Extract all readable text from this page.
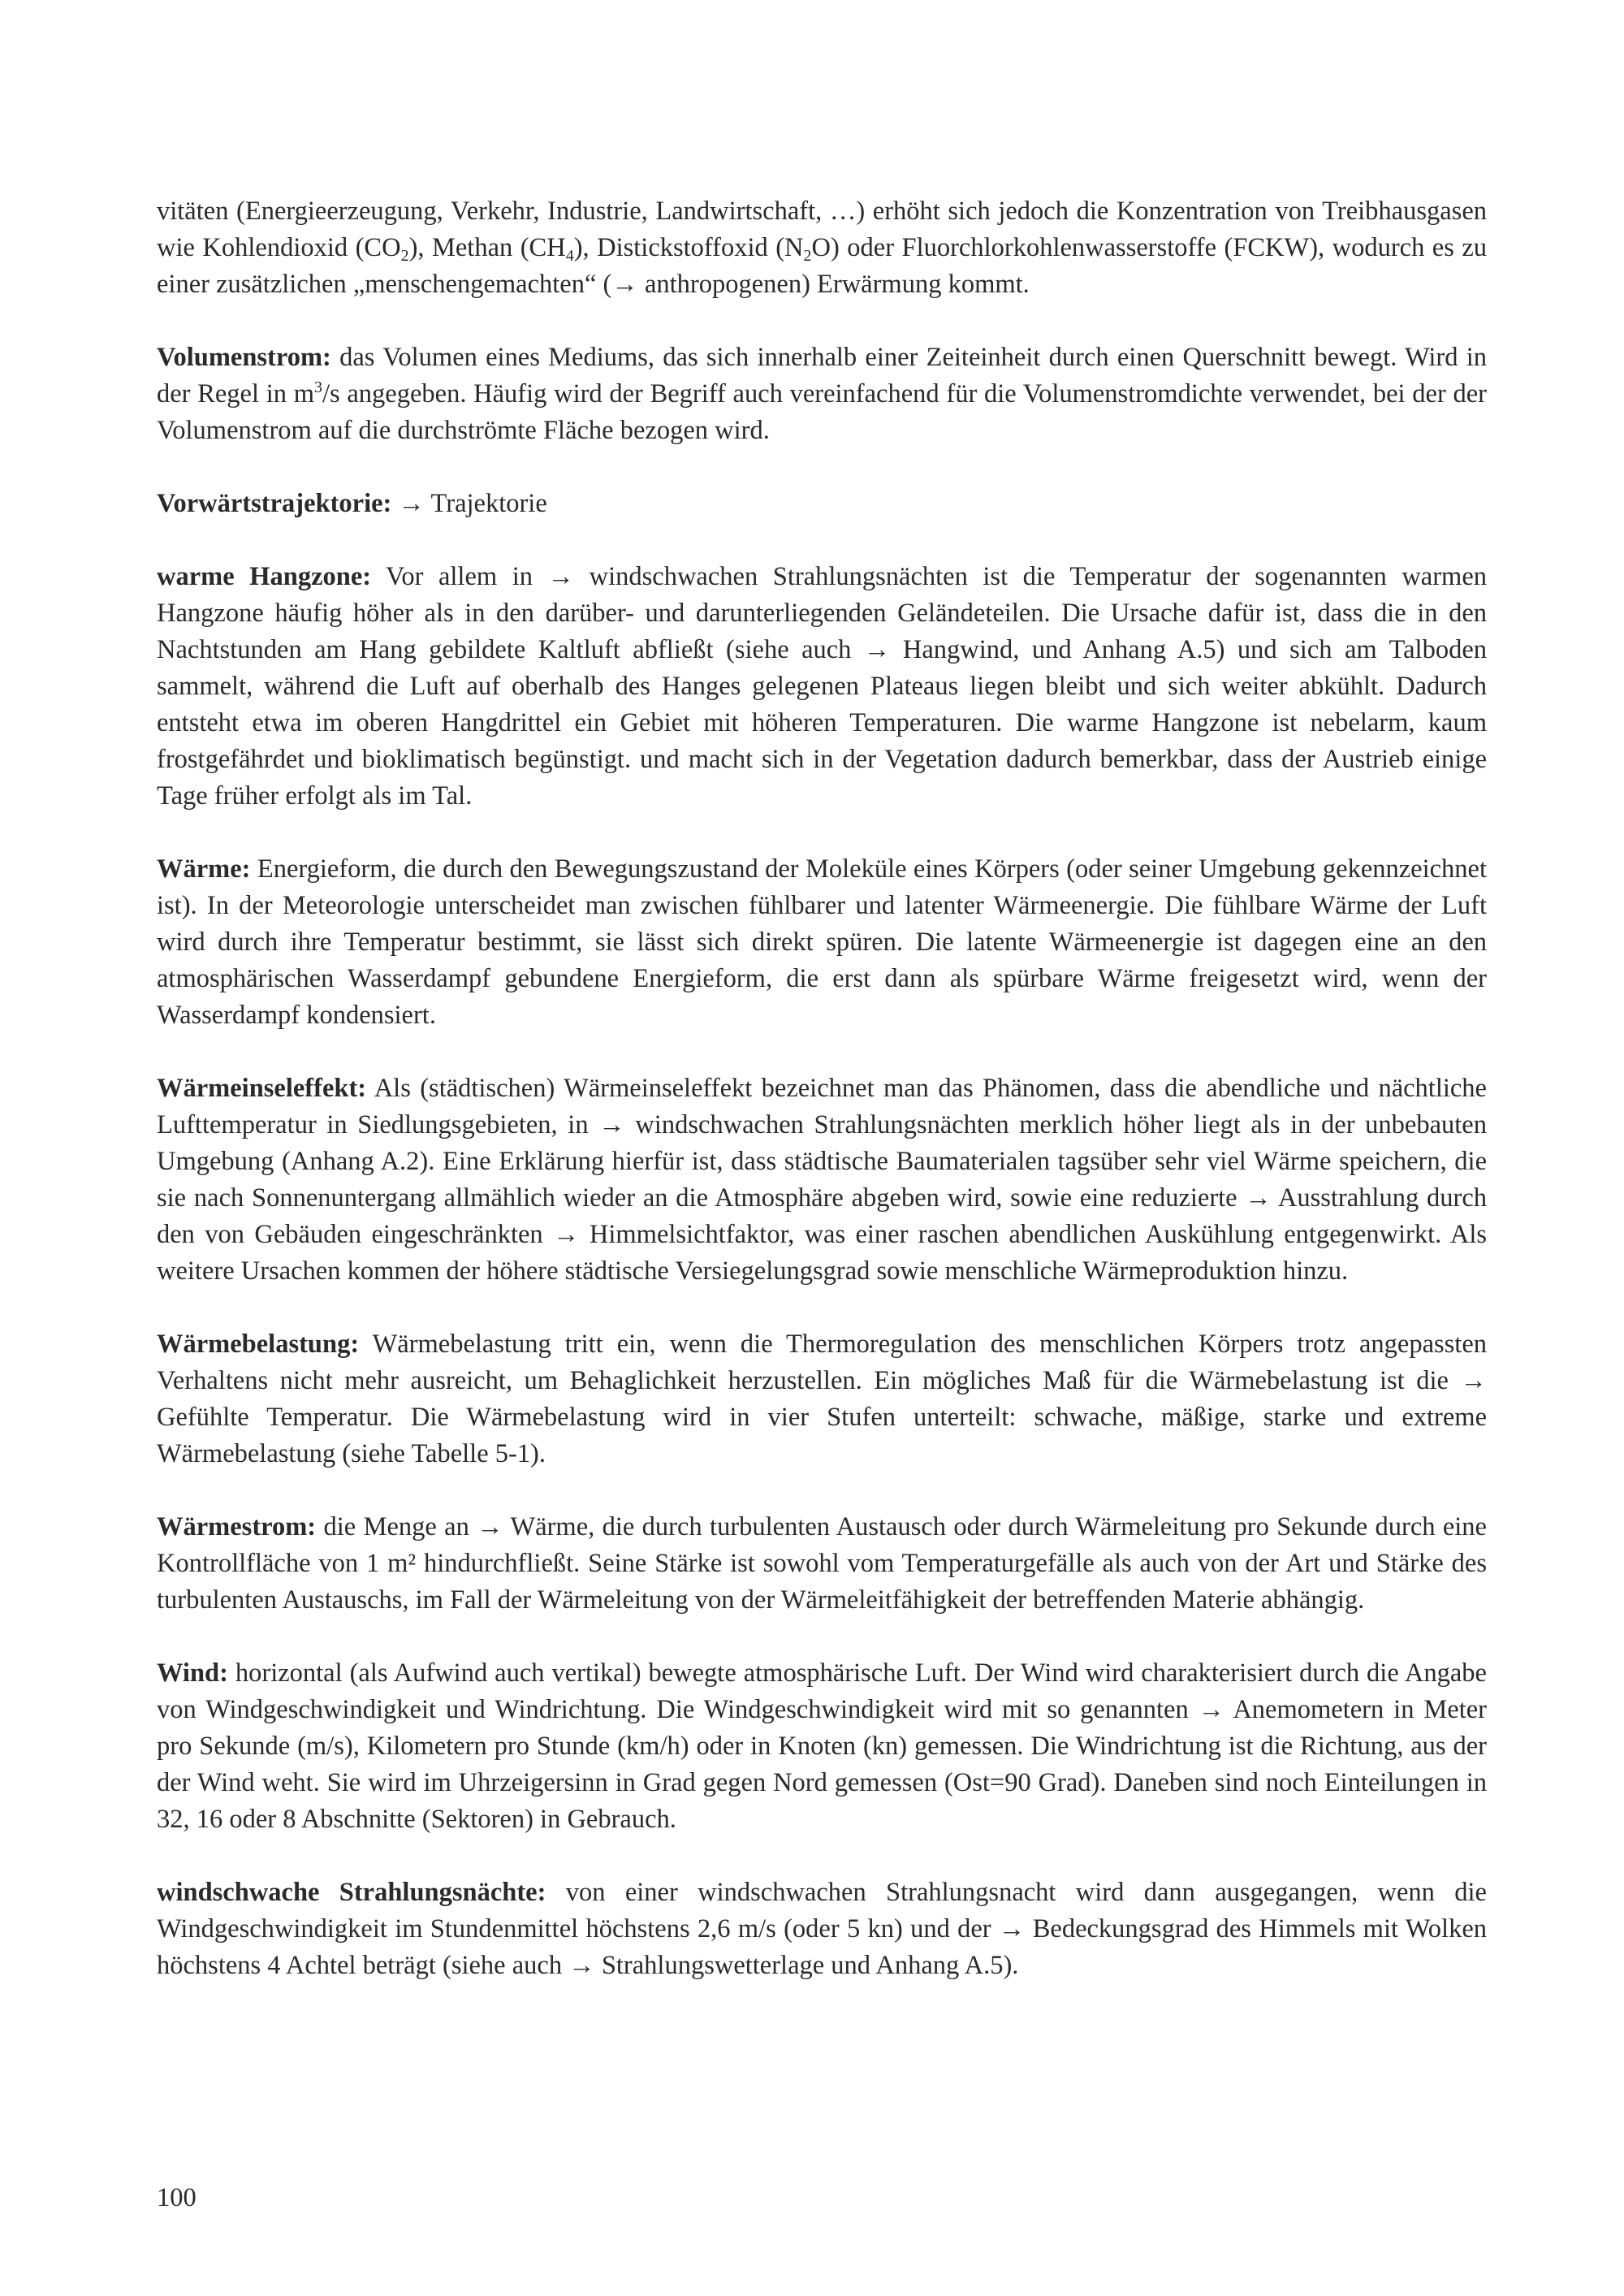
vitäten (Energieerzeugung, Verkehr, Industrie, Landwirtschaft, …) erhöht sich jedoch die Konzentration von Treibhausgasen wie Kohlendioxid $(CO_2)$, Methan $(CH_4)$, Distickstoffoxid $(N_2O)$ oder Fluorchlorkohlenwasserstoffe (FCKW), wodurch es zu einer zusätzlichen „menschengemachten“ (→ anthropogenen) Erwärmung kommt.

Volumenstrom: das Volumen eines Mediums, das sich innerhalb einer Zeiteinheit durch einen Querschnitt bewegt. Wird in der Regel in $m^3/s$ angegeben. Häufig wird der Begriff auch vereinfachend für die Volumenstromdichte verwendet, bei der der Volumenstrom auf die durchströmte Fläche bezogen wird.

Vorwärtstrajektorie: → Trajektorie

warme Hangzone: Vor allem in → windschwachen Strahlungsnächten ist die Temperatur der sogenannten warmen Hangzone häufig höher als in den darüber- und darunterliegenden Geländeteilen. Die Ursache dafür ist, dass die in den Nachtstunden am Hang gebildete Kaltluft abfließt (siehe auch → Hangwind, und Anhang A.5) und sich am Talboden sammelt, während die Luft auf oberhalb des Hanges gelegenen Plateaus liegen bleibt und sich weiter abkühlt. Dadurch entsteht etwa im oberen Hangdrittel ein Gebiet mit höheren Temperaturen. Die warme Hangzone ist nebelarm, kaum frostgefährdet und bioklimatisch begünstigt. und macht sich in der Vegetation dadurch bemerkbar, dass der Austrieb einige Tage früher erfolgt als im Tal.

Wärme: Energieform, die durch den Bewegungszustand der Moleküle eines Körpers (oder seiner Umgebung gekennzeichnet ist). In der Meteorologie unterscheidet man zwischen fühlbarer und latenter Wärmeenergie. Die fühlbare Wärme der Luft wird durch ihre Temperatur bestimmt, sie lässt sich direkt spüren. Die latente Wärmeenergie ist dagegen eine an den atmosphärischen Wasserdampf gebundene Energieform, die erst dann als spürbare Wärme freigesetzt wird, wenn der Wasserdampf kondensiert.

Wärmeinseleffekt: Als (städtischen) Wärmeinseleffekt bezeichnet man das Phänomen, dass die abendliche und nächtliche Lufttemperatur in Siedlungsgebieten, in → windschwachen Strahlungsnächten merklich höher liegt als in der unbebauten Umgebung (Anhang A.2). Eine Erklärung hierfür ist, dass städtische Baumaterialen tagsüber sehr viel Wärme speichern, die sie nach Sonnenuntergang allmählich wieder an die Atmosphäre abgeben wird, sowie eine reduzierte → Ausstrahlung durch den von Gebäuden eingeschränkten → Himmelsichtfaktor, was einer raschen abendlichen Auskühlung entgegenwirkt. Als weitere Ursachen kommen der höhere städtische Versiegelungsgrad sowie menschliche Wärmeproduktion hinzu.

Wärmebelastung: Wärmebelastung tritt ein, wenn die Thermoregulation des menschlichen Körpers trotz angepassten Verhaltens nicht mehr ausreicht, um Behaglichkeit herzustellen. Ein mögliches Maß für die Wärmebelastung ist die → Gefühlte Temperatur. Die Wärmebelastung wird in vier Stufen unterteilt: schwache, mäßige, starke und extreme Wärmebelastung (siehe Tabelle 5-1).

Wärmestrom: die Menge an → Wärme, die durch turbulenten Austausch oder durch Wärmeleitung pro Sekunde durch eine Kontrollfläche von 1 m² hindurchfließt. Seine Stärke ist sowohl vom Temperaturgefälle als auch von der Art und Stärke des turbulenten Austauschs, im Fall der Wärmeleitung von der Wärmeleitfähigkeit der betreffenden Materie abhängig.

Wind: horizontal (als Aufwind auch vertikal) bewegte atmosphärische Luft. Der Wind wird charakterisiert durch die Angabe von Windgeschwindigkeit und Windrichtung. Die Windgeschwindigkeit wird mit so genannten → Anemometern in Meter pro Sekunde (m/s), Kilometern pro Stunde (km/h) oder in Knoten (kn) gemessen. Die Windrichtung ist die Richtung, aus der der Wind weht. Sie wird im Uhrzeigersinn in Grad gegen Nord gemessen (Ost=90 Grad). Daneben sind noch Einteilungen in 32, 16 oder 8 Abschnitte (Sektoren) in Gebrauch.

windschwache Strahlungsnächte: von einer windschwachen Strahlungsnacht wird dann ausgegangen, wenn die Windgeschwindigkeit im Stundenmittel höchstens 2,6 m/s (oder 5 kn) und der → Bedeckungsgrad des Himmels mit Wolken höchstens 4 Achtel beträgt (siehe auch → Strahlungswetterlage und Anhang A.5).

100
